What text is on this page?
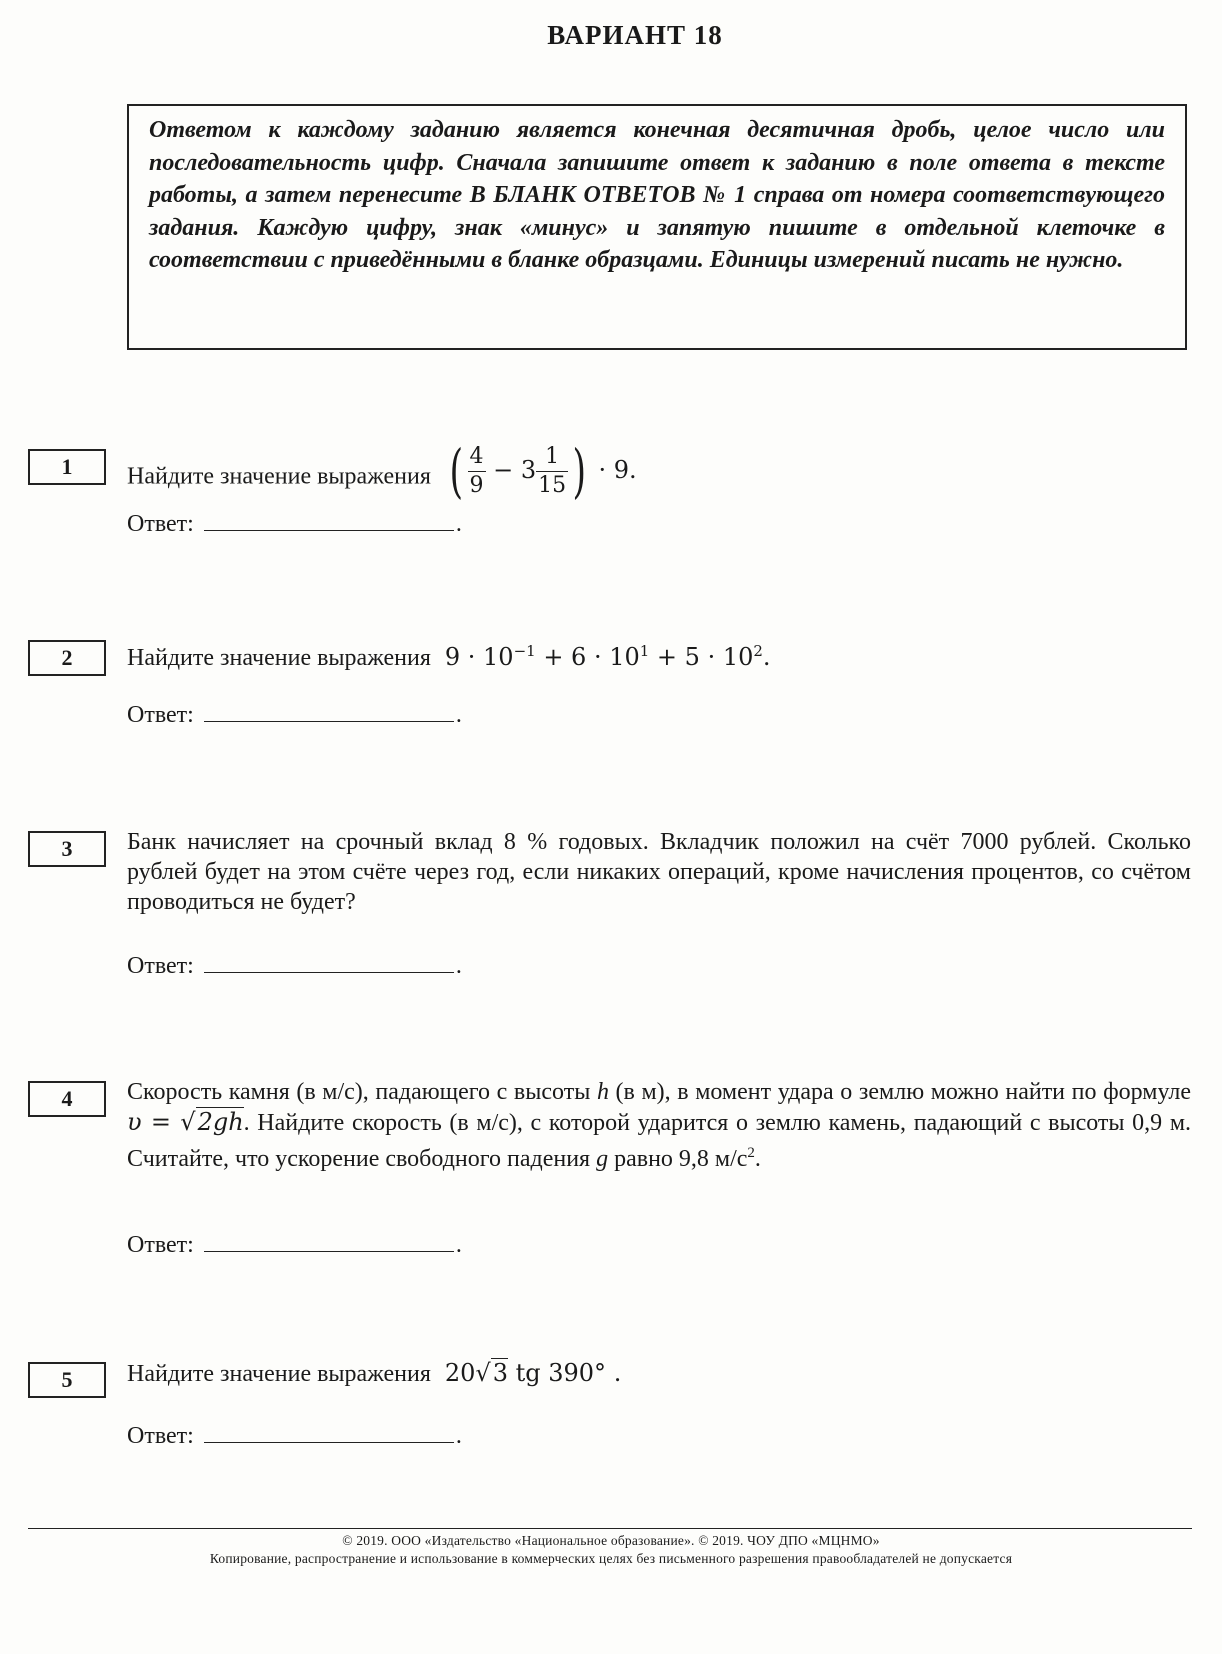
ВАРИАНТ 18
Ответом к каждому заданию является конечная десятичная дробь, целое число или последовательность цифр. Сначала запишите ответ к заданию в поле ответа в тексте работы, а затем перенесите В БЛАНК ОТВЕТОВ № 1 справа от номера соответствующего задания. Каждую цифру, знак «минус» и запятую пишите в отдельной клеточке в соответствии с приведёнными в бланке образцами. Единицы измерений писать не нужно.
1	Найдите значение выражения ( $\frac{4}{9} - 3 \frac{1}{15}$ ) · 9.
Ответ:	.
2	Найдите значение выражения $9 \cdot 10^{-1} + 6 \cdot 10^1 + 5 \cdot 10^2$.
Ответ:	.
3	Банк начисляет на срочный вклад 8 % годовых. Вкладчик положил на счёт 7000 рублей. Сколько рублей будет на этом счёте через год, если никаких операций, кроме начисления процентов, со счётом проводиться не будет?
Ответ:	.
4	Скорость камня (в м/с), падающего с высоты h (в м), в момент удара о землю можно найти по формуле υ = √2gh. Найдите скорость (в м/с), с которой ударится о землю камень, падающий с высоты 0,9 м. Считайте, что ускорение свободного падения g равно 9,8 $м/с^2$.
Ответ:	.
5	Найдите значение выражения 20√3 tg 390° .
Ответ:	.
© 2019. ООО «Издательство «Национальное образование». © 2019. ЧОУ ДПО «МЦНМО»
Копирование, распространение и использование в коммерческих целях без письменного разрешения правообладателей не допускается
